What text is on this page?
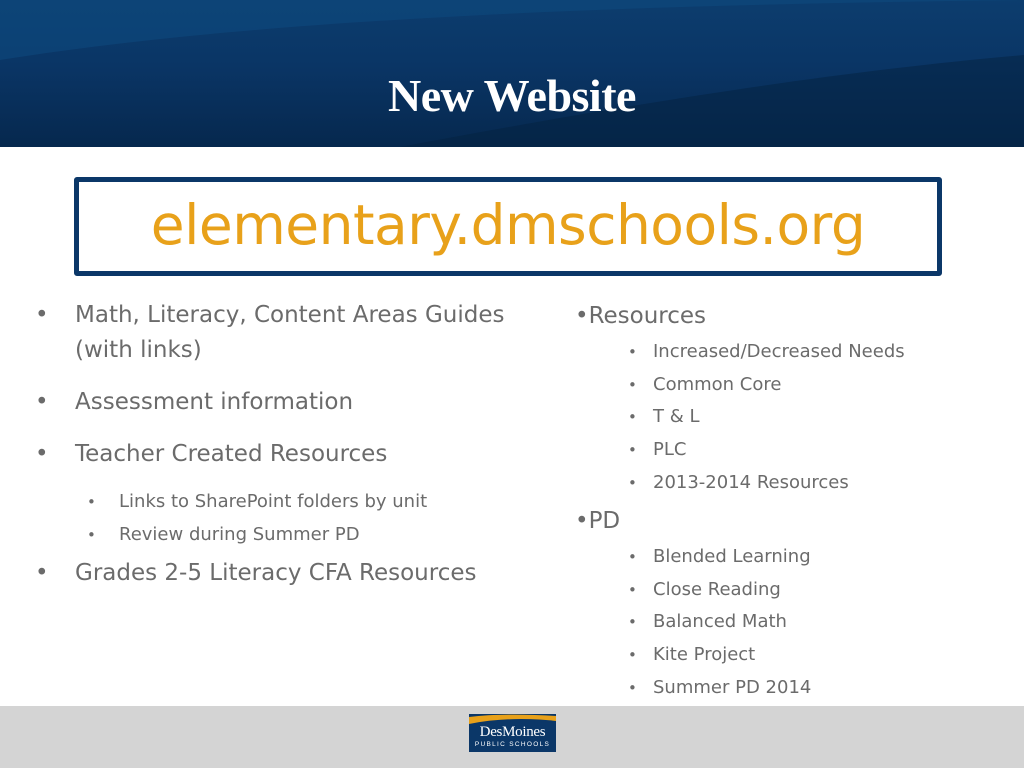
New Website
elementary.dmschools.org
• Math, Literacy, Content Areas Guides
(with links)
• Assessment information
• Teacher Created Resources
• Links to SharePoint folders by unit
• Review during Summer PD
• Grades 2-5 Literacy CFA Resources
•Resources
• Increased/Decreased Needs
• Common Core
• T & L
• PLC
• 2013-2014 Resources
•PD
• Blended Learning
• Close Reading
• Balanced Math
• Kite Project
• Summer PD 2014
DesMoines
PUBLIC SCHOOLS
